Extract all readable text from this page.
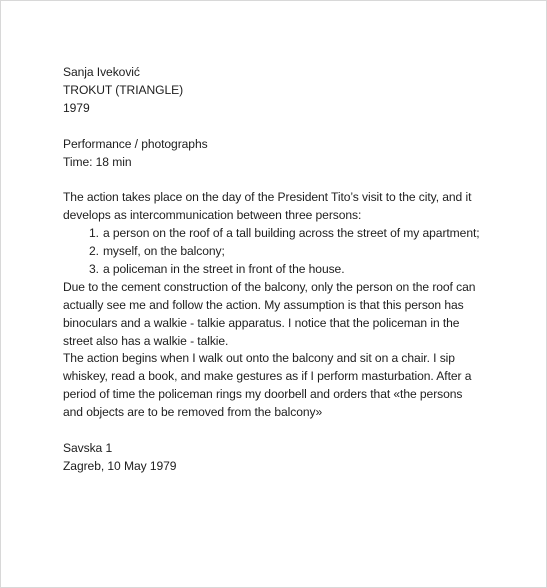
Sanja Iveković
TROKUT (TRIANGLE)
1979
Performance / photographs
Time: 18 min
The action takes place on the day of the President Tito’s visit to the city, and it
develops as intercommunication between three persons:
1. a person on the roof of a tall building across the street of my apartment;
2. myself, on the balcony;
3. a policeman in the street in front of the house.
Due to the cement construction of the balcony, only the person on the roof can
actually see me and follow the action. My assumption is that this person has
binoculars and a walkie - talkie apparatus. I notice that the policeman in the
street also has a walkie - talkie.
The action begins when I walk out onto the balcony and sit on a chair. I sip
whiskey, read a book, and make gestures as if I perform masturbation. After a
period of time the policeman rings my doorbell and orders that «the persons
and objects are to be removed from the balcony»
Savska 1
Zagreb, 10 May 1979
